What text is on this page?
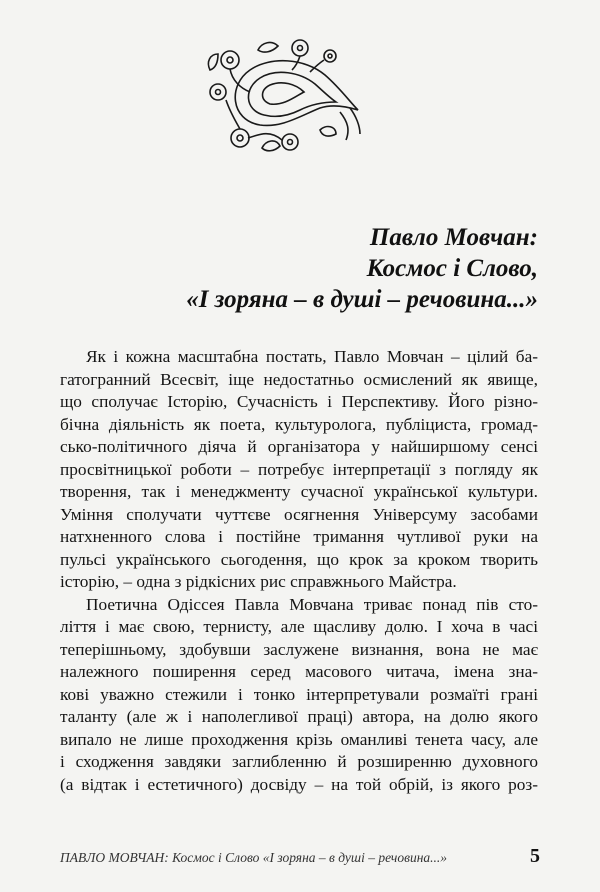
Павло Мовчан:
Космос і Слово,
«І зоряна – в душі – речовина...»
Як і кожна масштабна постать, Павло Мовчан – цілий ба-
гатогранний Всесвіт, іще недостатньо осмислений як явище,
що сполучає Історію, Сучасність і Перспективу. Його різно-
бічна діяльність як поета, культуролога, публіциста, громад-
сько-політичного діяча й організатора у найширшому сенсі
просвітницької роботи – потребує інтерпретації з погляду як
творення, так і менеджменту сучасної української культури.
Уміння сполучати чуттєве осягнення Універсуму засобами
натхненного слова і постійне тримання чутливої руки на
пульсі українського сьогодення, що крок за кроком творить
історію, – одна з рідкісних рис справжнього Майстра.
Поетична Одіссея Павла Мовчана триває понад пів сто-
ліття і має свою, тернисту, але щасливу долю. І хоча в часі
теперішньому, здобувши заслужене визнання, вона не має
належного поширення серед масового читача, імена зна-
кові уважно стежили і тонко інтерпретували розмаїті грані
таланту (але ж і наполегливої праці) автора, на долю якого
випало не лише проходження крізь оманливі тенета часу, але
і сходження завдяки заглибленню й розширенню духовного
(а відтак і естетичного) досвіду – на той обрій, із якого роз-
ПАВЛО МОВЧАН: Космос і Слово «І зоряна – в душі – речовина...»	5
